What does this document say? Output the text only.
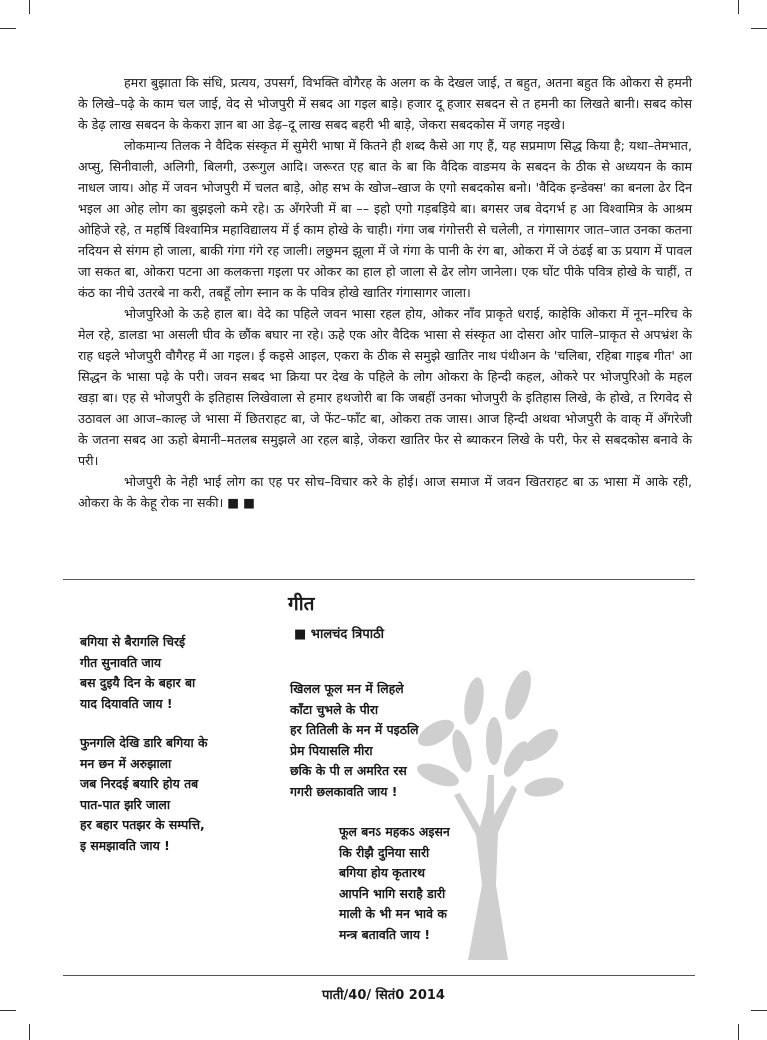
हमरा बुझाता कि संधि, प्रत्यय, उपसर्ग, विभक्ति वोगैरह के अलग क के देखल जाई, त बहुत, अतना बहुत कि ओकरा से हमनी के लिखे–पढ़े के काम चल जाई, वेद से भोजपुरी में सबद आ गइल बाड़े। हजार दू हजार सबदन से त हमनी का लिखते बानी। सबद कोस के डेढ़ लाख सबदन के केकरा ज्ञान बा आ डेढ़–दू लाख सबद बहरी भी बाड़े, जेकरा सबदकोस में जगह नइखे।

लोकमान्य तिलक ने वैदिक संस्कृत में सुमेरी भाषा में कितने ही शब्द कैसे आ गए हैं, यह सप्रमाण सिद्ध किया है; यथा–तेमभात, अप्सु, सिनीवाली, अलिगी, बिलगी, उरूगुल आदि। जरूरत एह बात के बा कि वैदिक वाङमय के सबदन के ठीक से अध्ययन के काम नाधल जाय। ओह में जवन भोजपुरी में चलत बाड़े, ओह सभ के खोज–खाज के एगो सबदकोस बनो। 'वैदिक इन्डेक्स' का बनला ढेर दिन भइल आ ओह लोग का बुझइलो कमे रहे। ऊ अँगरेजी में बा –– इहो एगो गड़बड़िये बा। बगसर जब वेदगर्भ ह आ विश्वामित्र के आश्रम ओहिजे रहे, त महर्षि विश्वामित्र महाविद्यालय में ई काम होखे के चाही। गंगा जब गंगोत्तरी से चलेली, त गंगासागर जात–जात उनका कतना नदियन से संगम हो जाला, बाकी गंगा गंगे रह जाली। लछुमन झूला में जे गंगा के पानी के रंग बा, ओकरा में जे ठंढई बा ऊ प्रयाग में पावल जा सकत बा, ओकरा पटना आ कलकत्ता गइला पर ओकर का हाल हो जाला से ढेर लोग जानेला। एक घोंट पीके पवित्र होखे के चाहीं, त कंठ का नीचे उतरबे ना करी, तबहूँ लोग स्नान क के पवित्र होखे खातिर गंगासागर जाला।

भोजपुरिओ के ऊहे हाल बा। वेदे का पहिले जवन भासा रहल होय, ओकर नाँव प्राकृते धराई, काहेकि ओकरा में नून–मरिच के मेल रहे, डालडा भा असली घीव के छौंक बघार ना रहे। ऊहे एक ओर वैदिक भासा से संस्कृत आ दोसरा ओर पालि–प्राकृत से अपभ्रंश के राह धइले भोजपुरी वौगैरह में आ गइल। ई कइसे आइल, एकरा के ठीक से समुझे खातिर नाथ पंथीअन के 'चलिबा, रहिबा गाइब गीत' आ सिद्धन के भासा पढ़े के परी। जवन सबद भा क्रिया पर देख के पहिले के लोग ओकरा के हिन्दी कहल, ओकरे पर भोजपुरिओ के महल खड़ा बा। एह से भोजपुरी के इतिहास लिखेवाला से हमार हथजोरी बा कि जबहीं उनका भोजपुरी के इतिहास लिखे, के होखे, त रिगवेद से उठावल आ आज–काल्ह जे भासा में छितराहट बा, जे फेंट–फाँट बा, ओकरा तक जास। आज हिन्दी अथवा भोजपुरी के वाक् में अँगरेजी के जतना सबद आ ऊहो बेमानी–मतलब समुझले आ रहल बाड़े, जेकरा खातिर फेर से ब्याकरन लिखे के परी, फेर से सबदकोस बनावे के परी।

भोजपुरी के नेही भाई लोग का एह पर सोच–विचार करे के होई। आज समाज में जवन खितराहट बा ऊ भासा में आके रही, ओकरा के के केहू रोक ना सकी। ■ ■

गीत
■ भालचंद त्रिपाठी
बगिया से बैरागलि चिरई
गीत सुनावति जाय
बस दुइयै दिन के बहार बा
याद दियावति जाय !
फुनगलि देखि डारि बगिया के
मन छन में अरुझाला
जब निरदई बयारि होय तब
पात-पात झरि जाला
हर बहार पतझर के सम्पत्ति,
इ समझावति जाय !
खिलल फूल मन में लिहले
काँटा चुभले के पीरा
हर तितिली के मन में पइठलि
प्रेम पियासलि मीरा
छकि के पी ल अमरित रस
गगरी छलकावति जाय !
फूल बनऽ महकऽ अइसन
कि रीझै दुनिया सारी
बगिया होय कृतारथ
आपनि भागि सराहै डारी
माली के भी मन भावे क
मन्त्र बतावति जाय !
पाती/40/ सितं0 2014
